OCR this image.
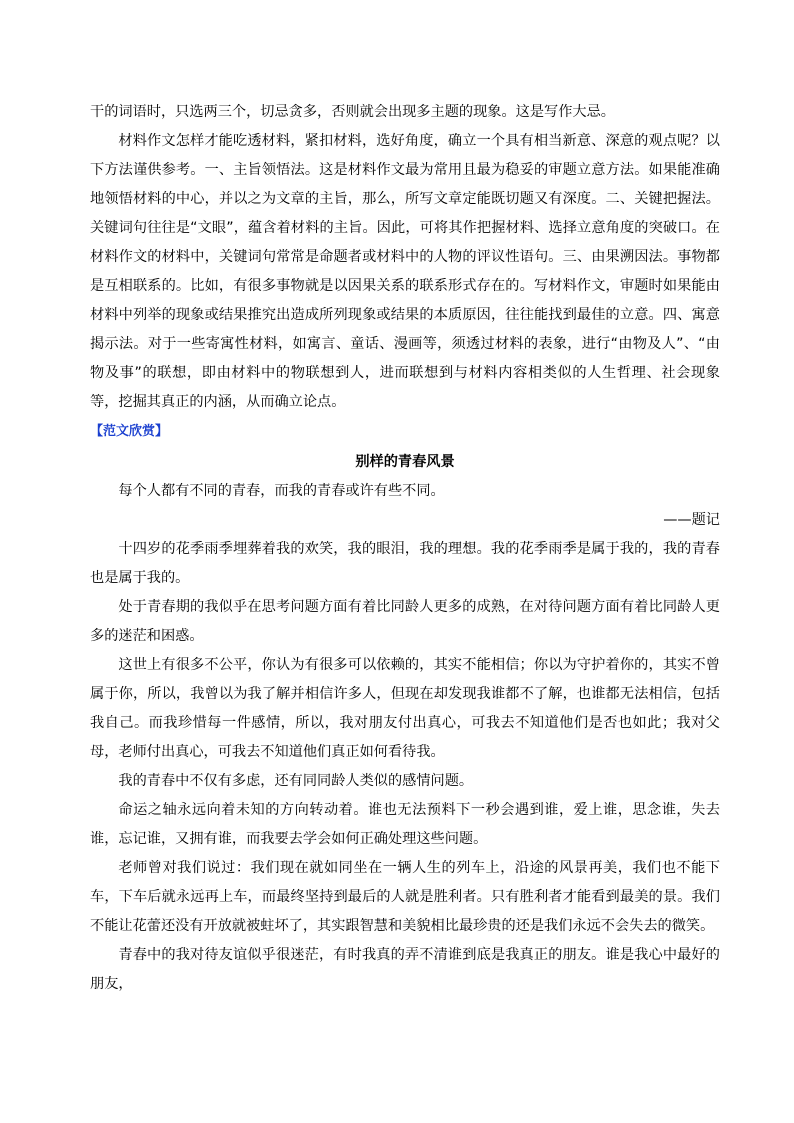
干的词语时，只选两三个，切忌贪多，否则就会出现多主题的现象。这是写作大忌。

材料作文怎样才能吃透材料，紧扣材料，选好角度，确立一个具有相当新意、深意的观点呢？以下方法谨供参考。一、主旨领悟法。这是材料作文最为常用且最为稳妥的审题立意方法。如果能准确地领悟材料的中心，并以之为文章的主旨，那么，所写文章定能既切题又有深度。二、关键把握法。关键词句往往是“文眼”，蕴含着材料的主旨。因此，可将其作把握材料、选择立意角度的突破口。在材料作文的材料中，关键词句常常是命题者或材料中的人物的评议性语句。三、由果溯因法。事物都是互相联系的。比如，有很多事物就是以因果关系的联系形式存在的。写材料作文，审题时如果能由材料中列举的现象或结果推究出造成所列现象或结果的本质原因，往往能找到最佳的立意。四、寓意揭示法。对于一些寄寓性材料，如寓言、童话、漫画等，须透过材料的表象，进行“由物及人”、“由物及事”的联想，即由材料中的物联想到人，进而联想到与材料内容相类似的人生哲理、社会现象等，挖掘其真正的内涵，从而确立论点。

【范文欣赏】

别样的青春风景

每个人都有不同的青春，而我的青春或许有些不同。

——题记

十四岁的花季雨季埋葬着我的欢笑，我的眼泪，我的理想。我的花季雨季是属于我的，我的青春也是属于我的。

处于青春期的我似乎在思考问题方面有着比同龄人更多的成熟，在对待问题方面有着比同龄人更多的迷茫和困惑。

这世上有很多不公平，你认为有很多可以依赖的，其实不能相信；你以为守护着你的，其实不曾属于你，所以，我曾以为我了解并相信许多人，但现在却发现我谁都不了解，也谁都无法相信，包括我自己。而我珍惜每一件感情，所以，我对朋友付出真心，可我去不知道他们是否也如此；我对父母，老师付出真心，可我去不知道他们真正如何看待我。

我的青春中不仅有多虑，还有同同龄人类似的感情问题。

命运之轴永远向着未知的方向转动着。谁也无法预料下一秒会遇到谁，爱上谁，思念谁，失去谁，忘记谁，又拥有谁，而我要去学会如何正确处理这些问题。

老师曾对我们说过：我们现在就如同坐在一辆人生的列车上，沿途的风景再美，我们也不能下车，下车后就永远再上车，而最终坚持到最后的人就是胜利者。只有胜利者才能看到最美的景。我们不能让花蕾还没有开放就被蛀坏了，其实跟智慧和美貌相比最珍贵的还是我们永远不会失去的微笑。

青春中的我对待友谊似乎很迷茫，有时我真的弄不清谁到底是我真正的朋友。谁是我心中最好的朋友，
